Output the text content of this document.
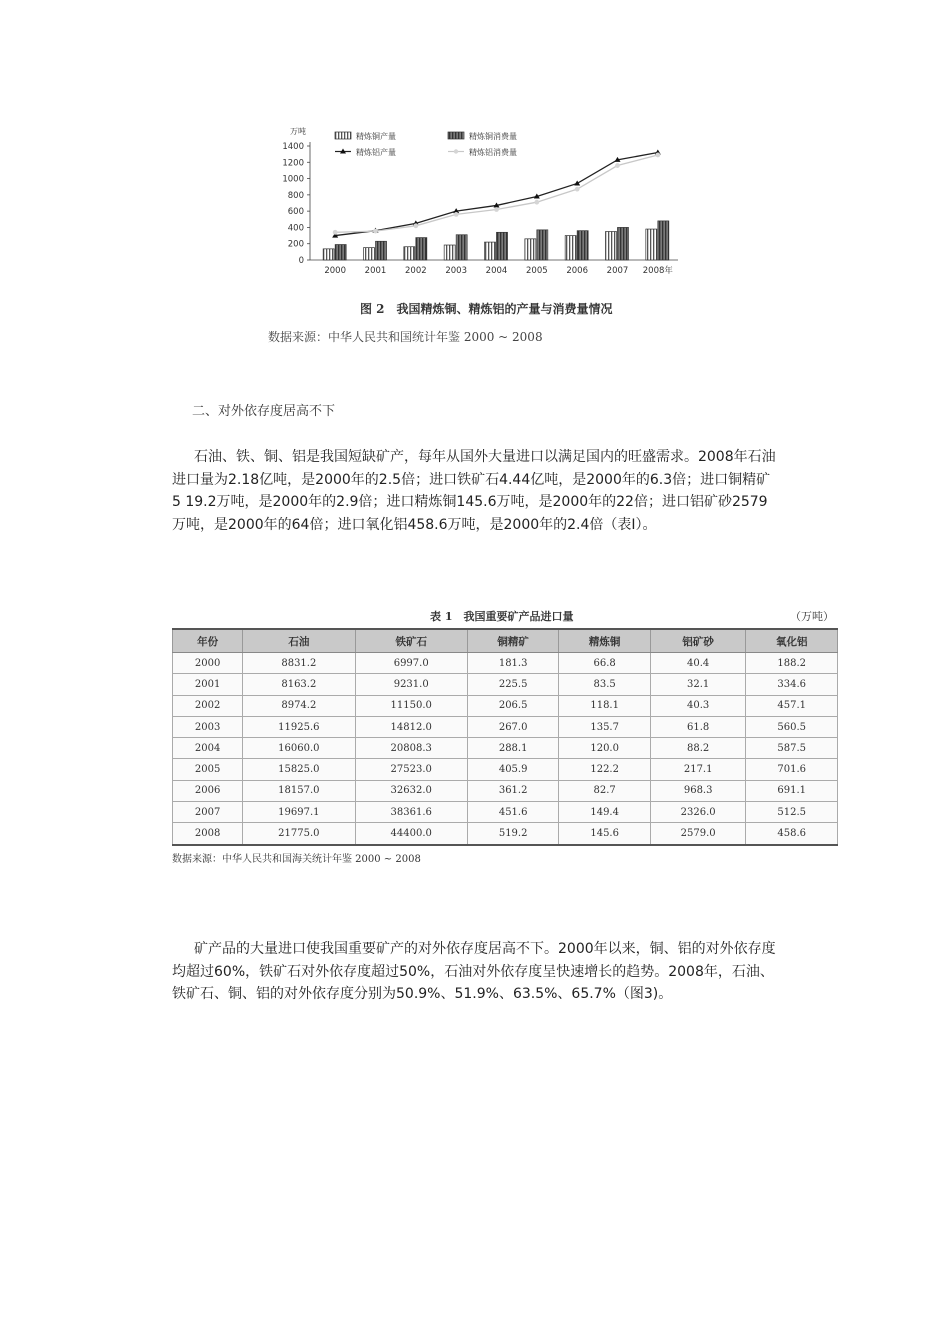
万吨
0
200
400
600
800
1000
1200
1400
2000 2001 2002 2003 2004 2005 2006 2007 2008年
精炼铜产量	精炼铜消费量
精炼铝产量	精炼铝消费量
图 2　我国精炼铜、精炼铝的产量与消费量情况
数据来源：中华人民共和国统计年鉴 2000 ~ 2008
二、对外依存度居高不下
石油、铁、铜、铝是我国短缺矿产，每年从国外大量进口以满足国内的旺盛需求。2008年石油进口量为2.18亿吨，是2000年的2.5倍；进口铁矿石4.44亿吨，是2000年的6.3倍；进口铜精矿5 19.2万吨，是2000年的2.9倍；进口精炼铜145.6万吨，是2000年的22倍；进口铝矿砂2579万吨，是2000年的64倍；进口氧化铝458.6万吨，是2000年的2.4倍（表Ⅰ）。
表 1　我国重要矿产品进口量	（万吨）
年份	石油	铁矿石	铜精矿	精炼铜	铝矿砂	氧化铝
2000	8831.2	6997.0	181.3	66.8	40.4	188.2
2001	8163.2	9231.0	225.5	83.5	32.1	334.6
2002	8974.2	11150.0	206.5	118.1	40.3	457.1
2003	11925.6	14812.0	267.0	135.7	61.8	560.5
2004	16060.0	20808.3	288.1	120.0	88.2	587.5
2005	15825.0	27523.0	405.9	122.2	217.1	701.6
2006	18157.0	32632.0	361.2	82.7	968.3	691.1
2007	19697.1	38361.6	451.6	149.4	2326.0	512.5
2008	21775.0	44400.0	519.2	145.6	2579.0	458.6
数据来源：中华人民共和国海关统计年鉴 2000 ~ 2008
矿产品的大量进口使我国重要矿产的对外依存度居高不下。2000年以来，铜、铝的对外依存度均超过60%，铁矿石对外依存度超过50%，石油对外依存度呈快速增长的趋势。2008年，石油、铁矿石、铜、铝的对外依存度分别为50.9%、51.9%、63.5%、65.7%（图3)。
